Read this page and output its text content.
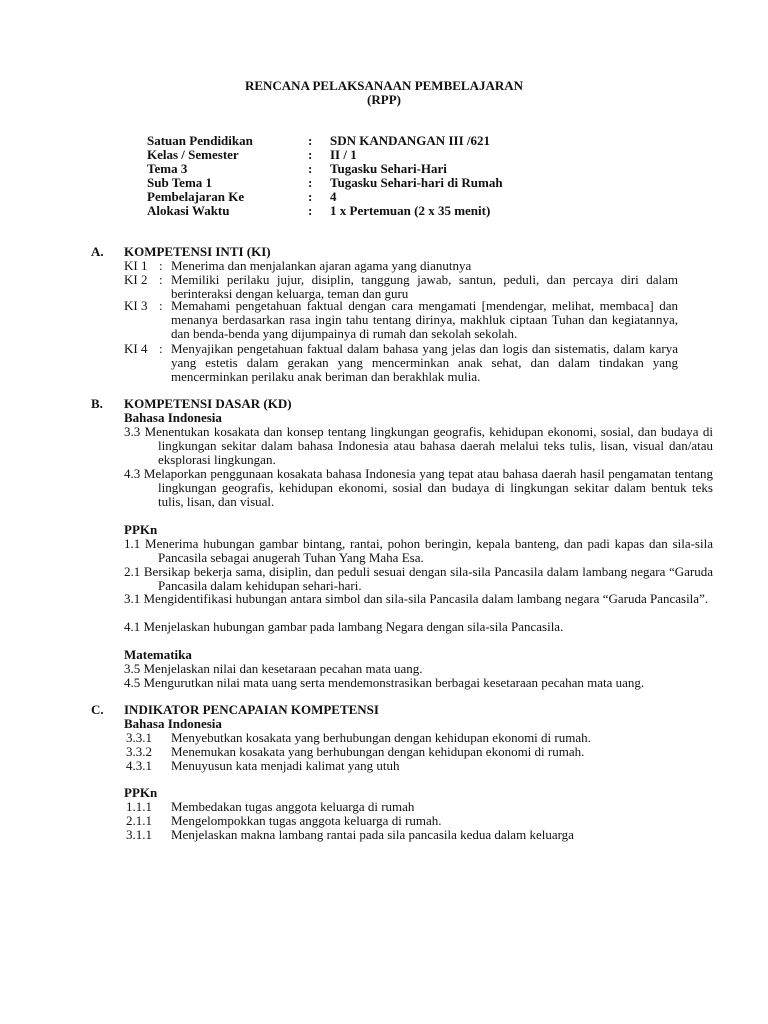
RENCANA PELAKSANAAN PEMBELAJARAN
(RPP)
Satuan Pendidikan	: SDN KANDANGAN III /621
Kelas / Semester	: II / 1
Tema 3	: Tugasku Sehari-Hari
Sub Tema 1	: Tugasku Sehari-hari di Rumah
Pembelajaran Ke	: 4
Alokasi Waktu	: 1 x Pertemuan (2 x 35 menit)
A. KOMPETENSI INTI (KI)
KI 1 : Menerima dan menjalankan ajaran agama yang dianutnya
KI 2 : Memiliki perilaku jujur, disiplin, tanggung jawab, santun, peduli, dan percaya diri dalam berinteraksi dengan keluarga, teman dan guru
KI 3 : Memahami pengetahuan faktual dengan cara mengamati [mendengar, melihat, membaca] dan menanya berdasarkan rasa ingin tahu tentang dirinya, makhluk ciptaan Tuhan dan kegiatannya, dan benda-benda yang dijumpainya di rumah dan sekolah sekolah.
KI 4 : Menyajikan pengetahuan faktual dalam bahasa yang jelas dan logis dan sistematis, dalam karya yang estetis dalam gerakan yang mencerminkan anak sehat, dan dalam tindakan yang mencerminkan perilaku anak beriman dan berakhlak mulia.
B. KOMPETENSI DASAR (KD)
Bahasa Indonesia
3.3 Menentukan kosakata dan konsep tentang lingkungan geografis, kehidupan ekonomi, sosial, dan budaya di lingkungan sekitar dalam bahasa Indonesia atau bahasa daerah melalui teks tulis, lisan, visual dan/atau eksplorasi lingkungan.
4.3 Melaporkan penggunaan kosakata bahasa Indonesia yang tepat atau bahasa daerah hasil pengamatan tentang lingkungan geografis, kehidupan ekonomi, sosial dan budaya di lingkungan sekitar dalam bentuk teks tulis, lisan, dan visual.
PPKn
1.1 Menerima hubungan gambar bintang, rantai, pohon beringin, kepala banteng, dan padi kapas dan sila-sila Pancasila sebagai anugerah Tuhan Yang Maha Esa.
2.1 Bersikap bekerja sama, disiplin, dan peduli sesuai dengan sila-sila Pancasila dalam lambang negara “Garuda Pancasila dalam kehidupan sehari-hari.
3.1 Mengidentifikasi hubungan antara simbol dan sila-sila Pancasila dalam lambang negara “Garuda Pancasila”.
4.1 Menjelaskan hubungan gambar pada lambang Negara dengan sila-sila Pancasila.
Matematika
3.5 Menjelaskan nilai dan kesetaraan pecahan mata uang.
4.5 Mengurutkan nilai mata uang serta mendemonstrasikan berbagai kesetaraan pecahan mata uang.
C. INDIKATOR PENCAPAIAN KOMPETENSI
Bahasa Indonesia
3.3.1 Menyebutkan kosakata yang berhubungan dengan kehidupan ekonomi di rumah.
3.3.2 Menemukan kosakata yang berhubungan dengan kehidupan ekonomi di rumah.
4.3.1 Menuyusun kata menjadi kalimat yang utuh
PPKn
1.1.1 Membedakan tugas anggota keluarga di rumah
2.1.1 Mengelompokkan tugas anggota keluarga di rumah.
3.1.1 Menjelaskan makna lambang rantai pada sila pancasila kedua dalam keluarga
